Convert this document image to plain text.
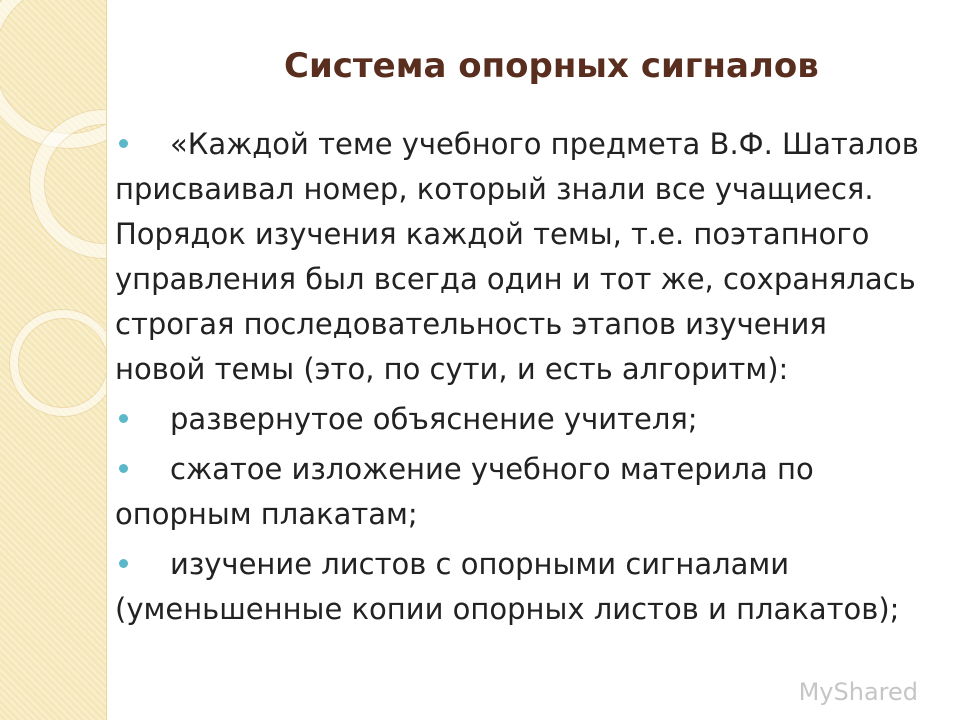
Система опорных сигналов
«Каждой теме учебного предмета В.Ф. Шаталов присваивал номер, который знали все учащиеся. Порядок изучения каждой темы, т.е. поэтапного управления был всегда один и тот же, сохранялась строгая последовательность этапов изучения новой темы (это, по сути, и есть алгоритм):
развернутое объяснение учителя;
сжатое изложение учебного материла по опорным плакатам;
изучение листов с опорными сигналами (уменьшенные копии опорных листов и плакатов);
MyShared
